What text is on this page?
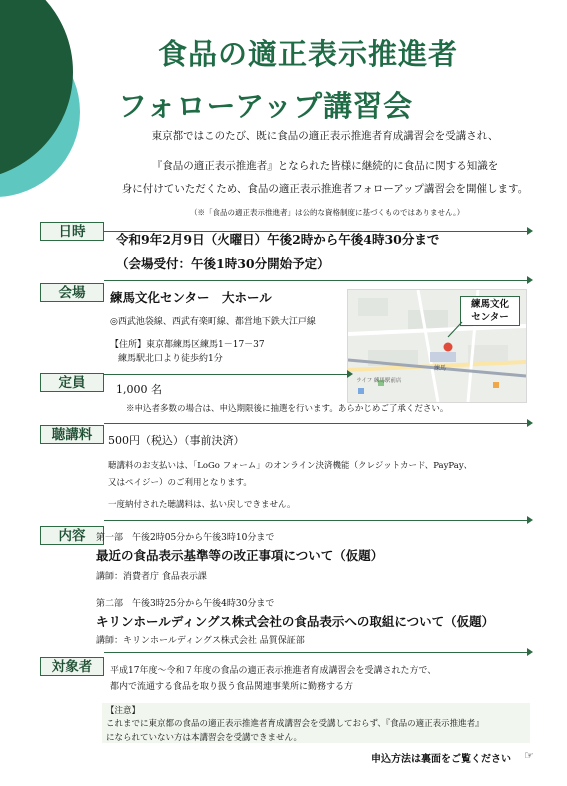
食品の適正表示推進者
フォローアップ講習会
東京都ではこのたび、既に食品の適正表示推進者育成講習会を受講され、
『食品の適正表示推進者』となられた皆様に継続的に食品に関する知識を
身に付けていただくため、食品の適正表示推進者フォローアップ講習会を開催します。
（※「食品の適正表示推進者」は公的な資格制度に基づくものではありません。）
日時	令和9年2月9日（火曜日）午後2時から午後4時30分まで
（会場受付：午後1時30分開始予定）
会場	練馬文化センター　大ホール
◎西武池袋線、西武有楽町線、都営地下鉄大江戸線
【住所】東京都練馬区練馬1－17－37
練馬駅北口より徒歩約1分
練馬
ライフ 練馬駅前店
練馬文化
センター
定員	1,000 名
※申込者多数の場合は、申込期限後に抽選を行います。あらかじめご了承ください。
聴講料	500円（税込）（事前決済）
聴講料のお支払いは、「LoGo フォーム」のオンライン決済機能（クレジットカード、PayPay、
又はペイジー）のご利用となります。
一度納付された聴講料は、払い戻しできません。
内容	第一部　午後2時05分から午後3時10分まで
最近の食品表示基準等の改正事項について（仮題）
講師：消費者庁 食品表示課
第二部　午後3時25分から午後4時30分まで
キリンホールディングス株式会社の食品表示への取組について（仮題）
講師：キリンホールディングス株式会社 品質保証部
対象者	平成17年度～令和７年度の食品の適正表示推進者育成講習会を受講された方で、
都内で流通する食品を取り扱う食品関連事業所に勤務する方
【注意】
これまでに東京都の食品の適正表示推進者育成講習会を受講しておらず、『食品の適正表示推進者』
になられていない方は本講習会を受講できません。
申込方法は裏面をご覧ください ☞
